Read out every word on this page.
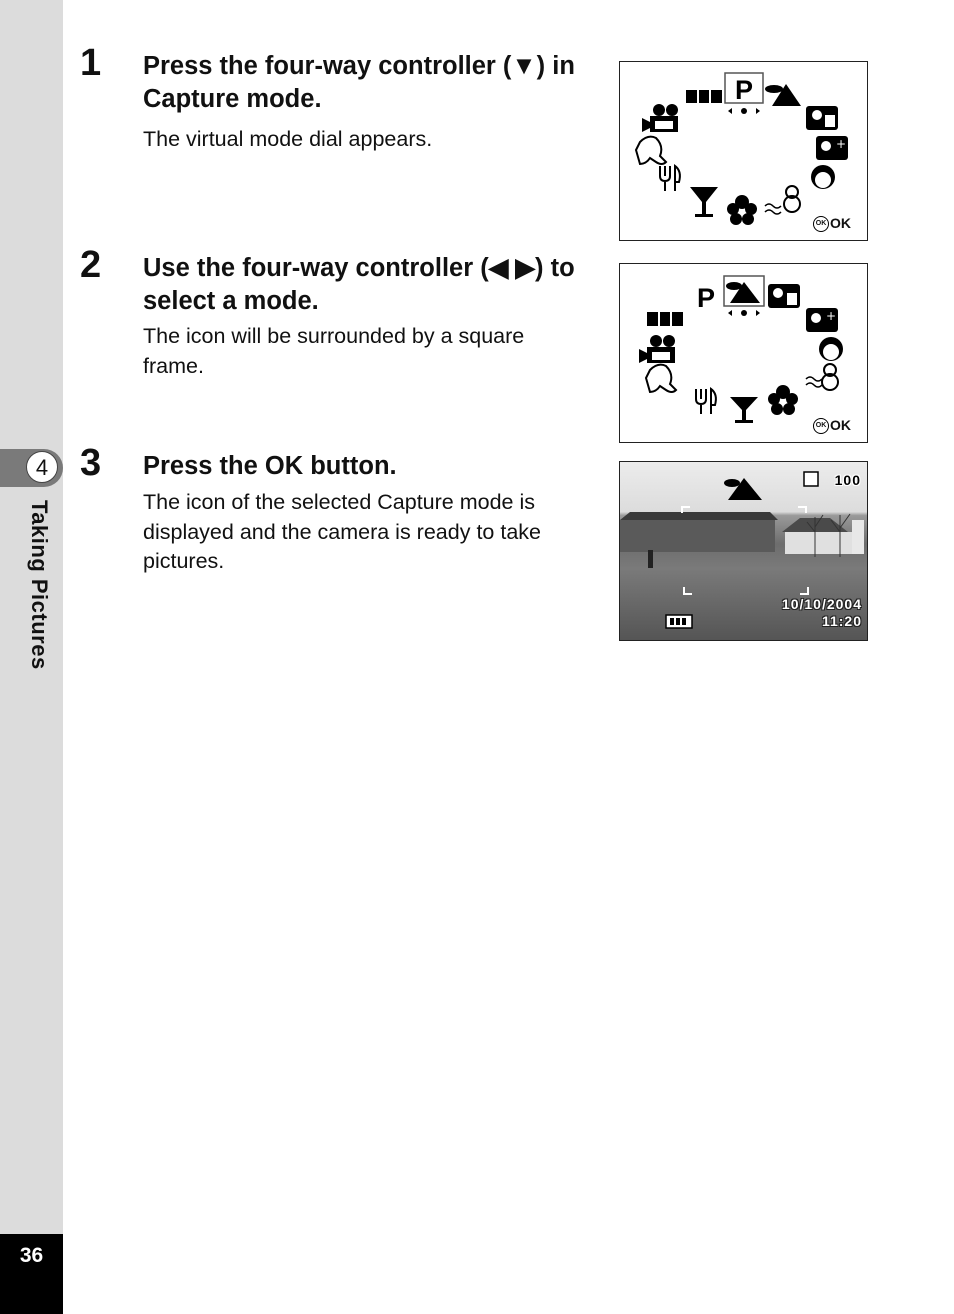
4
Taking Pictures
36
1 Press the four-way controller (▼) in Capture mode.
The virtual mode dial appears.
2 Use the four-way controller (◀ ▶) to select a mode.
The icon will be surrounded by a square frame.
3 Press the OK button.
The icon of the selected Capture mode is displayed and the camera is ready to take pictures.
P
+
OK OK
P
+
OK OK
100
10/10/2004
11:20
